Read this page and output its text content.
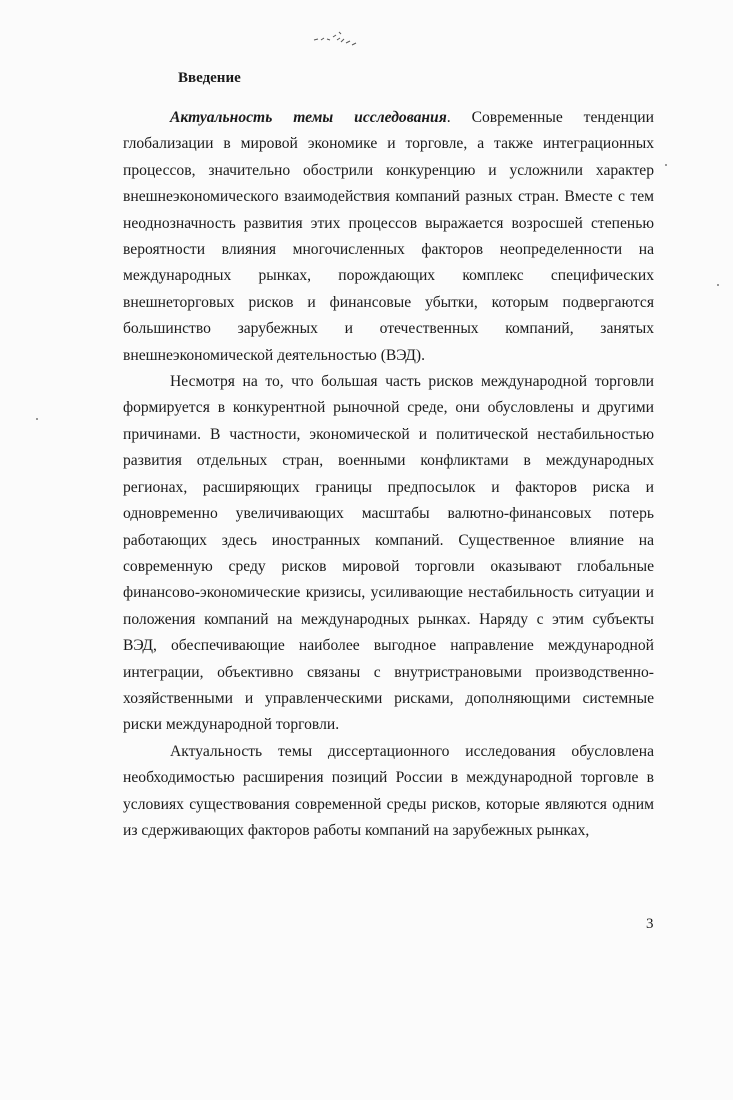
Введение

Актуальность темы исследования. Современные тенденции глобализации в мировой экономике и торговле, а также интеграционных процессов, значительно обострили конкуренцию и усложнили характер внешнеэкономического взаимодействия компаний разных стран. Вместе с тем неоднозначность развития этих процессов выражается возросшей степенью вероятности влияния многочисленных факторов неопределенности на международных рынках, порождающих комплекс специфических внешнеторговых рисков и финансовые убытки, которым подвергаются большинство зарубежных и отечественных компаний, занятых внешнеэкономической деятельностью (ВЭД).

Несмотря на то, что большая часть рисков международной торговли формируется в конкурентной рыночной среде, они обусловлены и другими причинами. В частности, экономической и политической нестабильностью развития отдельных стран, военными конфликтами в международных регионах, расширяющих границы предпосылок и факторов риска и одновременно увеличивающих масштабы валютно-финансовых потерь работающих здесь иностранных компаний. Существенное влияние на современную среду рисков мировой торговли оказывают глобальные финансово-экономические кризисы, усиливающие нестабильность ситуации и положения компаний на международных рынках. Наряду с этим субъекты ВЭД, обеспечивающие наиболее выгодное направление международной интеграции, объективно связаны с внутристрановыми производственно-хозяйственными и управленческими рисками, дополняющими системные риски международной торговли.

Актуальность темы диссертационного исследования обусловлена необходимостью расширения позиций России в международной торговле в условиях существования современной среды рисков, которые являются одним из сдерживающих факторов работы компаний на зарубежных рынках,

3
